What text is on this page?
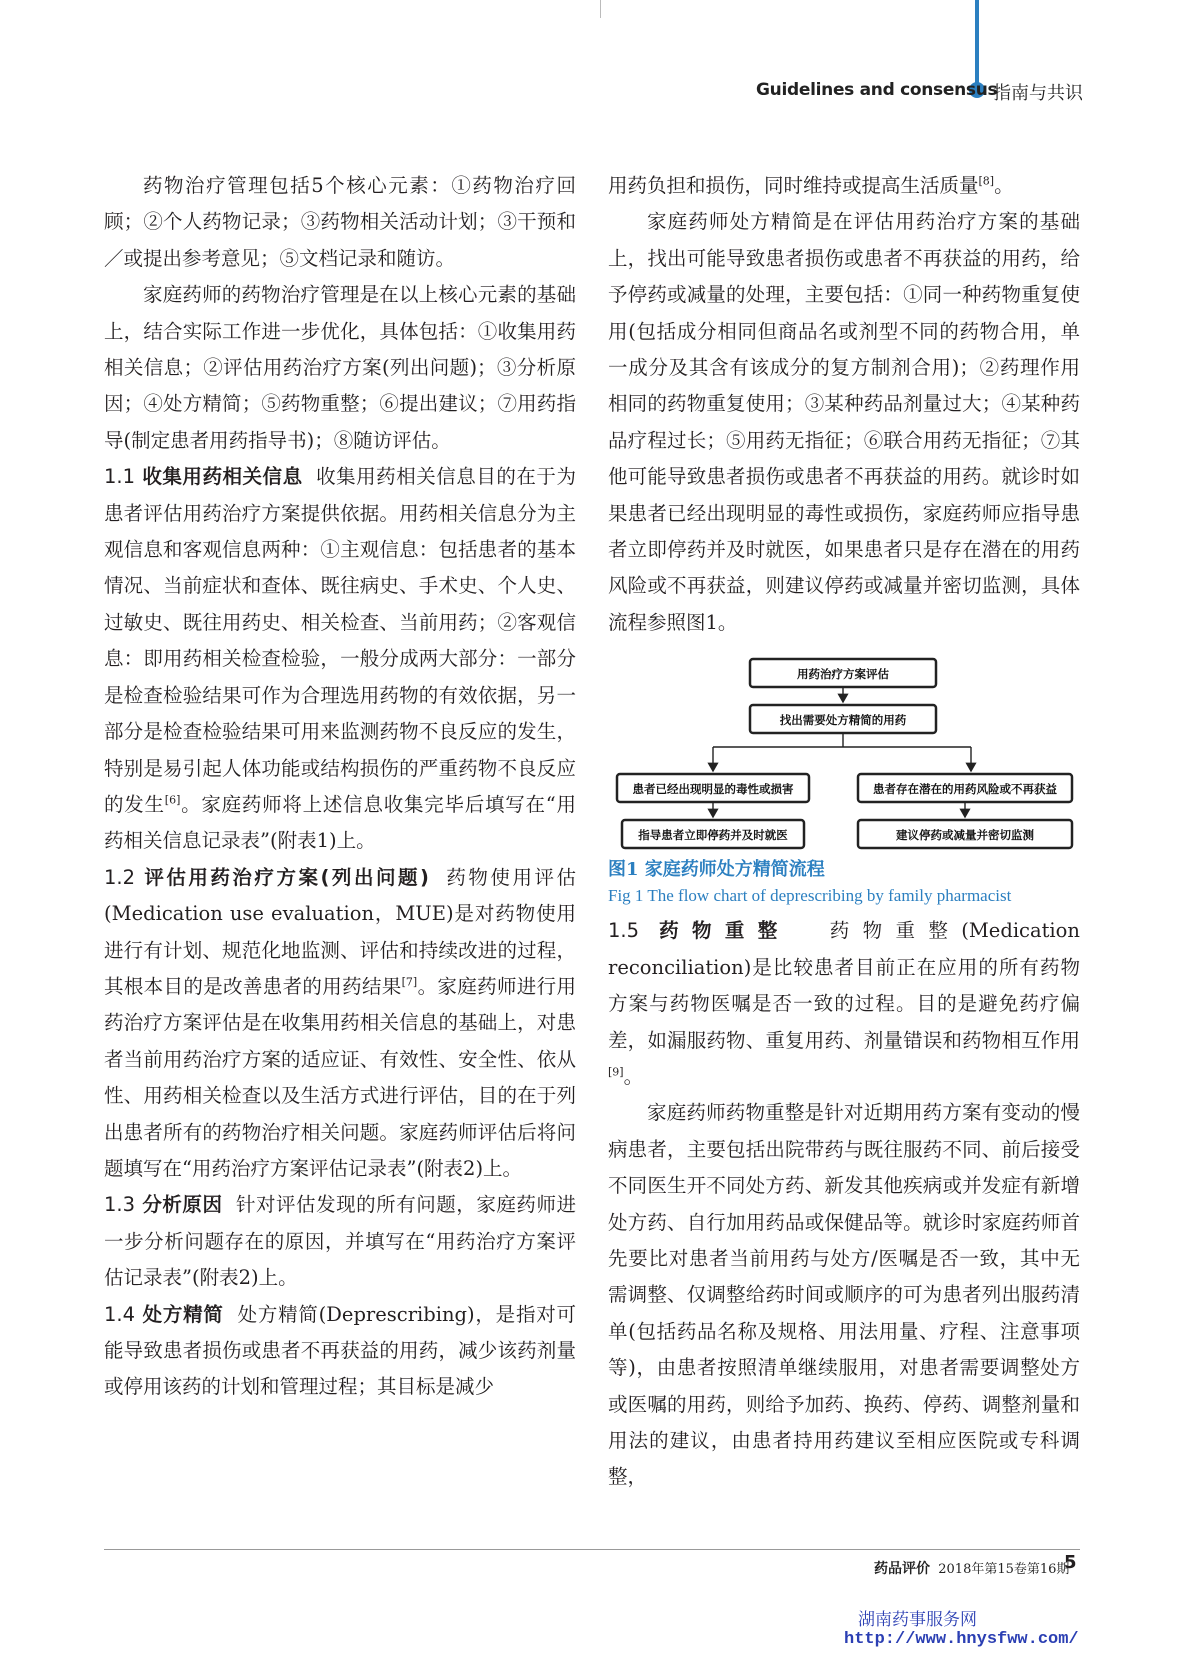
Guidelines and consensus
指南与共识

药物治疗管理包括5个核心元素：①药物治疗回顾；②个人药物记录；③药物相关活动计划；③干预和／或提出参考意见；⑤文档记录和随访。

家庭药师的药物治疗管理是在以上核心元素的基础上，结合实际工作进一步优化，具体包括：①收集用药相关信息；②评估用药治疗方案(列出问题)；③分析原因；④处方精简；⑤药物重整；⑥提出建议；⑦用药指导(制定患者用药指导书)；⑧随访评估。

1.1 收集用药相关信息 收集用药相关信息目的在于为患者评估用药治疗方案提供依据。用药相关信息分为主观信息和客观信息两种：①主观信息：包括患者的基本情况、当前症状和查体、既往病史、手术史、个人史、过敏史、既往用药史、相关检查、当前用药；②客观信息：即用药相关检查检验，一般分成两大部分：一部分是检查检验结果可作为合理选用药物的有效依据，另一部分是检查检验结果可用来监测药物不良反应的发生，特别是易引起人体功能或结构损伤的严重药物不良反应的发生[6]。家庭药师将上述信息收集完毕后填写在“用药相关信息记录表”(附表1)上。

1.2 评估用药治疗方案(列出问题) 药物使用评估(Medication use evaluation，MUE)是对药物使用进行有计划、规范化地监测、评估和持续改进的过程，其根本目的是改善患者的用药结果[7]。家庭药师进行用药治疗方案评估是在收集用药相关信息的基础上，对患者当前用药治疗方案的适应证、有效性、安全性、依从性、用药相关检查以及生活方式进行评估，目的在于列出患者所有的药物治疗相关问题。家庭药师评估后将问题填写在“用药治疗方案评估记录表”(附表2)上。

1.3 分析原因 针对评估发现的所有问题，家庭药师进一步分析问题存在的原因，并填写在“用药治疗方案评估记录表”(附表2)上。

1.4 处方精简 处方精简(Deprescribing)，是指对可能导致患者损伤或患者不再获益的用药，减少该药剂量或停用该药的计划和管理过程；其目标是减少

用药负担和损伤，同时维持或提高生活质量[8]。

家庭药师处方精简是在评估用药治疗方案的基础上，找出可能导致患者损伤或患者不再获益的用药，给予停药或减量的处理，主要包括：①同一种药物重复使用(包括成分相同但商品名或剂型不同的药物合用，单一成分及其含有该成分的复方制剂合用)；②药理作用相同的药物重复使用；③某种药品剂量过大；④某种药品疗程过长；⑤用药无指征；⑥联合用药无指征；⑦其他可能导致患者损伤或患者不再获益的用药。就诊时如果患者已经出现明显的毒性或损伤，家庭药师应指导患者立即停药并及时就医，如果患者只是存在潜在的用药风险或不再获益，则建议停药或减量并密切监测，具体流程参照图1。

用药治疗方案评估
找出需要处方精简的用药
患者已经出现明显的毒性或损害	患者存在潜在的用药风险或不再获益
指导患者立即停药并及时就医	建议停药或减量并密切监测
图1 家庭药师处方精简流程
Fig 1 The flow chart of deprescribing by family pharmacist

1.5 药物重整 药物重整(Medication reconciliation)是比较患者目前正在应用的所有药物方案与药物医嘱是否一致的过程。目的是避免药疗偏差，如漏服药物、重复用药、剂量错误和药物相互作用[9]。

家庭药师药物重整是针对近期用药方案有变动的慢病患者，主要包括出院带药与既往服药不同、前后接受不同医生开不同处方药、新发其他疾病或并发症有新增处方药、自行加用药品或保健品等。就诊时家庭药师首先要比对患者当前用药与处方/医嘱是否一致，其中无需调整、仅调整给药时间或顺序的可为患者列出服药清单(包括药品名称及规格、用法用量、疗程、注意事项等)，由患者按照清单继续服用，对患者需要调整处方或医嘱的用药，则给予加药、换药、停药、调整剂量和用法的建议，由患者持用药建议至相应医院或专科调整，

药品评价 2018年第15卷第16期
5
湖南药事服务网
http://www.hnysfww.com/
